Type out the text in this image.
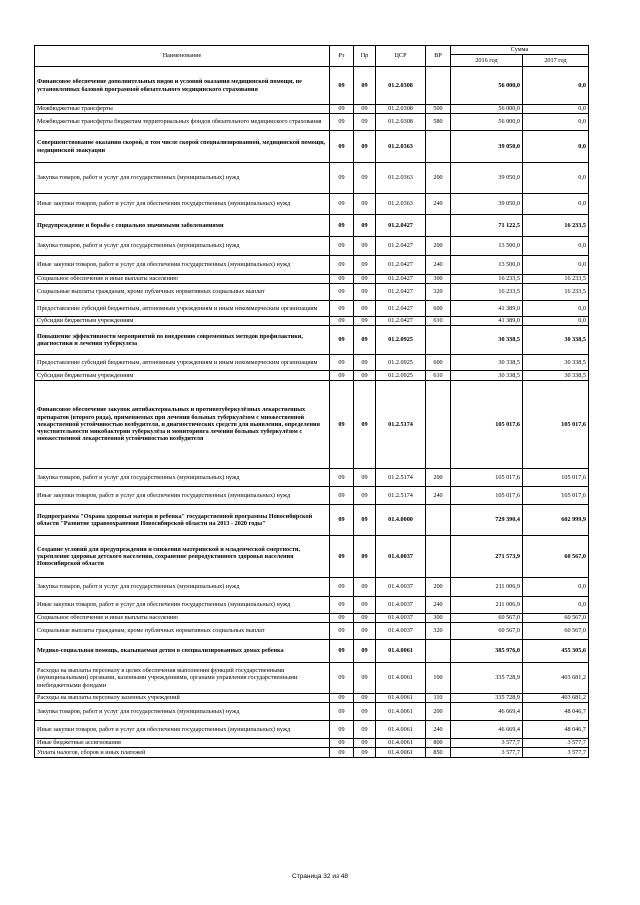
Наименование	Рз	Пр	ЦСР	ВР	Сумма	
					2016 год	2017 год
Финансовое обеспечение дополнительных видов и условий оказания медицинской помощи, не установленных базовой программой обязательного медицинского страхования	09	09	01.2.0308		56 000,0	0,0
Межбюджетные трансферты	09	09	01.2.0308	500	56 000,0	0,0
Межбюджетные трансферты бюджетам территориальных фондов обязательного медицинского страхования	09	09	01.2.0308	580	56 000,0	0,0
Совершенствование оказания скорой, в том числе скорой специализированной, медицинской помощи, медицинской эвакуации	09	09	01.2.0363		39 050,0	0,0
Закупка товаров, работ и услуг для государственных (муниципальных) нужд	09	09	01.2.0363	200	39 050,0	0,0
Иные закупки товаров, работ и услуг для обеспечения государственных (муниципальных) нужд	09	09	01.2.0363	240	39 050,0	0,0
Предупреждение и борьба с социально значимыми заболеваниями	09	09	01.2.0427		71 122,5	16 233,5
Закупка товаров, работ и услуг для государственных (муниципальных) нужд	09	09	01.2.0427	200	13 500,0	0,0
Иные закупки товаров, работ и услуг для обеспечения государственных (муниципальных) нужд	09	09	01.2.0427	240	13 500,0	0,0
Социальное обеспечение и иные выплаты населению	09	09	01.2.0427	300	16 233,5	16 233,5
Социальные выплаты гражданам, кроме публичных нормативных социальных выплат	09	09	01.2.0427	320	16 233,5	16 233,5
Предоставление субсидий бюджетным, автономным учреждениям и иным некоммерческим организациям	09	09	01.2.0427	600	41 389,0	0,0
Субсидии бюджетным учреждениям	09	09	01.2.0427	610	41 389,0	0,0
Повышение эффективности мероприятий по внедрению современных методов профилактики, диагностики и лечения туберкулеза	09	09	01.2.0925		30 338,5	30 338,5
Предоставление субсидий бюджетным, автономным учреждениям и иным некоммерческим организациям	09	09	01.2.0925	600	30 338,5	30 338,5
Субсидии бюджетным учреждениям	09	09	01.2.0925	610	30 338,5	30 338,5
Финансовое обеспечение закупок антибактериальных и противотуберкулёзных лекарственных препаратов (второго ряда), применяемых при лечении больных туберкулёзом с множественной лекарственной устойчивостью возбудителя, и диагностических средств для выявления, определения чувствительности микобактерии туберкулёза и мониторинга лечения больных туберкулёзом с множественной лекарственной устойчивостью возбудителя	09	09	01.2.5174		105 017,6	105 017,6
Закупка товаров, работ и услуг для государственных (муниципальных) нужд	09	09	01.2.5174	200	105 017,6	105 017,6
Иные закупки товаров, работ и услуг для обеспечения государственных (муниципальных) нужд	09	09	01.2.5174	240	105 017,6	105 017,6
Подпрограмма "Охрана здоровья матери и ребенка" государственной программы Новосибирской области "Развитие здравоохранения Новосибирской области на 2013 - 2020 годы"	09	09	01.4.0000		729 390,4	602 999,9
Создание условий для предупреждения и снижения материнской и младенческой смертности, укрепление здоровья детского населения, сохранение репродуктивного здоровья населения Новосибирской области	09	09	01.4.0037		271 573,9	60 567,0
Закупка товаров, работ и услуг для государственных (муниципальных) нужд	09	09	01.4.0037	200	211 006,9	0,0
Иные закупки товаров, работ и услуг для обеспечения государственных (муниципальных) нужд	09	09	01.4.0037	240	211 006,9	0,0
Социальное обеспечение и иные выплаты населению	09	09	01.4.0037	300	60 567,0	60 567,0
Социальные выплаты гражданам, кроме публичных нормативных социальных выплат	09	09	01.4.0037	320	60 567,0	60 567,0
Медико-социальная помощь, оказываемая детям в специализированных домах ребенка	09	09	01.4.0061		385 976,0	455 305,6
Расходы на выплаты персоналу в целях обеспечения выполнения функций государственными (муниципальными) органами, казенными учреждениями, органами управления государственными внебюджетными фондами	09	09	01.4.0061	100	335 728,9	403 681,2
Расходы на выплаты персоналу казенных учреждений	09	09	01.4.0061	110	335 728,9	403 681,2
Закупка товаров, работ и услуг для государственных (муниципальных) нужд	09	09	01.4.0061	200	46 669,4	48 046,7
Иные закупки товаров, работ и услуг для обеспечения государственных (муниципальных) нужд	09	09	01.4.0061	240	46 669,4	48 046,7
Иные бюджетные ассигнования	09	09	01.4.0061	800	3 577,7	3 577,7
Уплата налогов, сборов и иных платежей	09	09	01.4.0061	850	3 577,7	3 577,7
Страница 32 из 48
